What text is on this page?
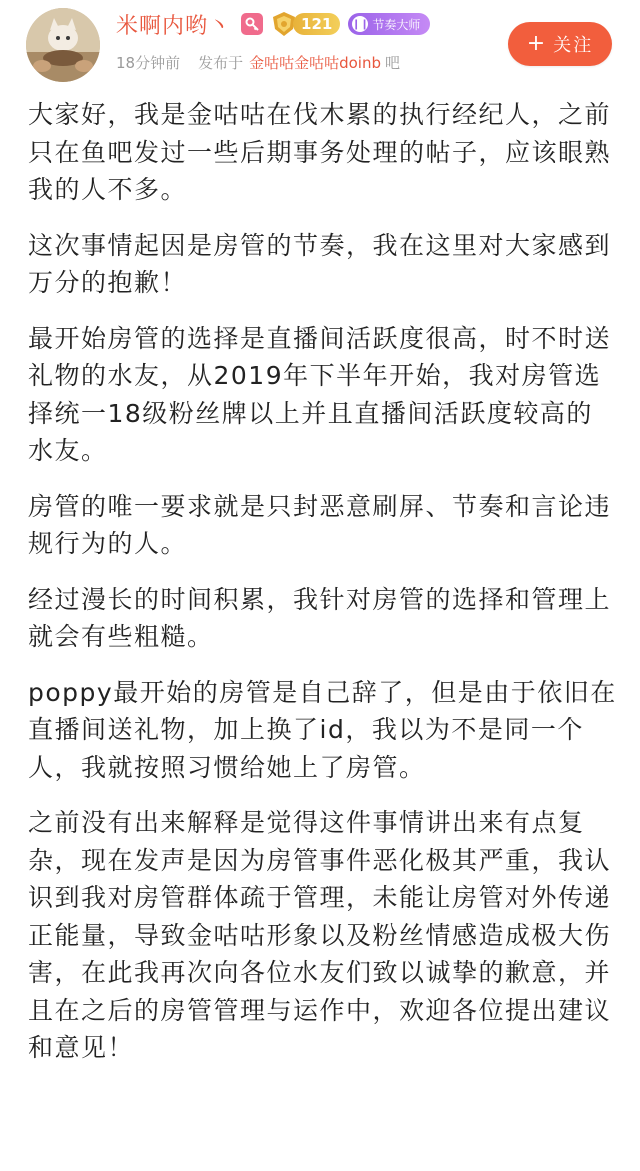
米啊内哟丶	121	❙❙ 节奏大师
18分钟前 发布于 金咕咕金咕咕doinb 吧
+ 关注

大家好，我是金咕咕在伐木累的执行经纪人，之前只在鱼吧发过一些后期事务处理的帖子，应该眼熟我的人不多。

这次事情起因是房管的节奏，我在这里对大家感到万分的抱歉！

最开始房管的选择是直播间活跃度很高，时不时送礼物的水友，从2019年下半年开始，我对房管选择统一18级粉丝牌以上并且直播间活跃度较高的水友。

房管的唯一要求就是只封恶意刷屏、节奏和言论违规行为的人。

经过漫长的时间积累，我针对房管的选择和管理上就会有些粗糙。

poppy最开始的房管是自己辞了，但是由于依旧在直播间送礼物，加上换了id，我以为不是同一个人，我就按照习惯给她上了房管。

之前没有出来解释是觉得这件事情讲出来有点复杂，现在发声是因为房管事件恶化极其严重，我认识到我对房管群体疏于管理，未能让房管对外传递正能量，导致金咕咕形象以及粉丝情感造成极大伤害，在此我再次向各位水友们致以诚挚的歉意，并且在之后的房管管理与运作中，欢迎各位提出建议和意见！
